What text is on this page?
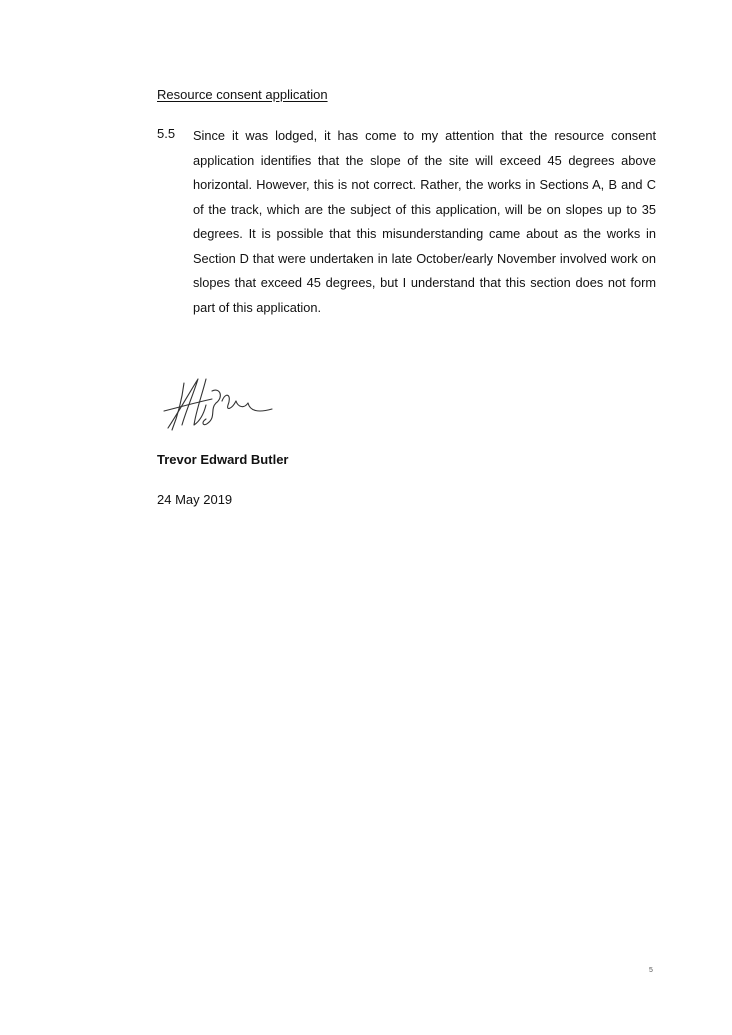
Resource consent application
5.5 Since it was lodged, it has come to my attention that the resource consent application identifies that the slope of the site will exceed 45 degrees above horizontal. However, this is not correct. Rather, the works in Sections A, B and C of the track, which are the subject of this application, will be on slopes up to 35 degrees. It is possible that this misunderstanding came about as the works in Section D that were undertaken in late October/early November involved work on slopes that exceed 45 degrees, but I understand that this section does not form part of this application.

Trevor Edward Butler
24 May 2019
5
